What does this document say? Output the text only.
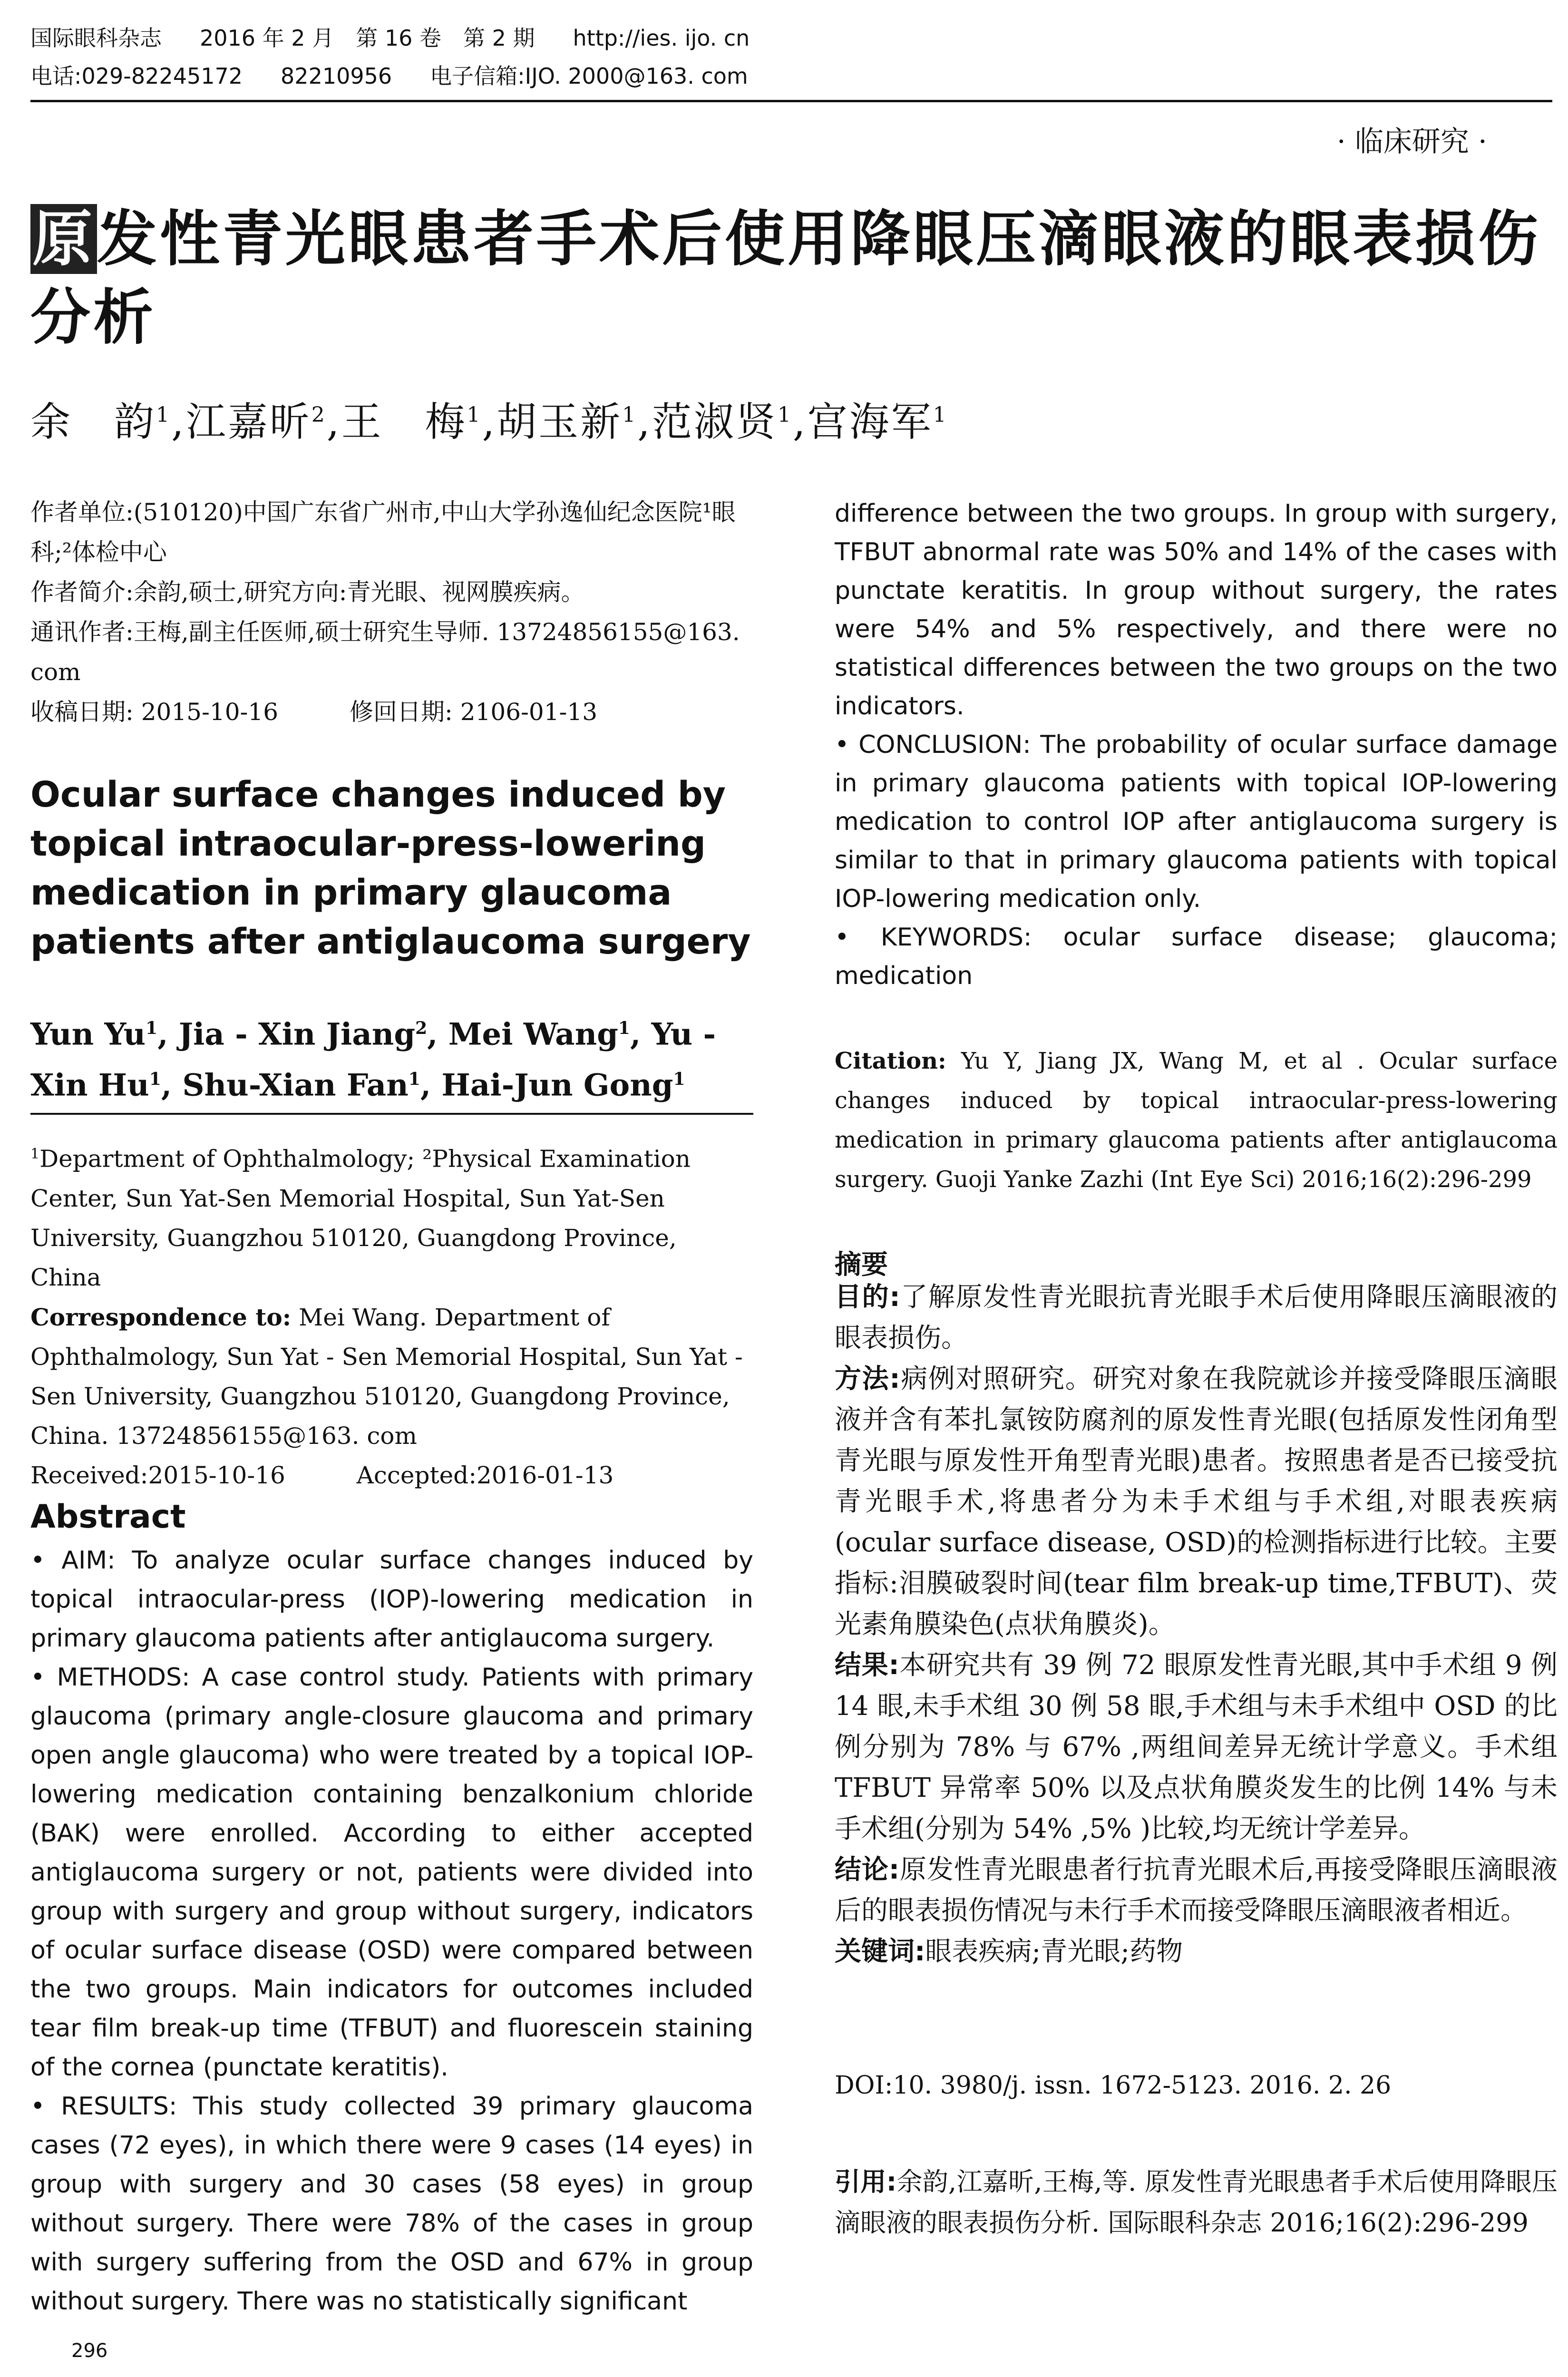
国际眼科杂志 2016 年 2 月　第 16 卷　第 2 期 http://ies. ijo. cn
电话:029-82245172 82210956 电子信箱:IJO. 2000@163. com
· 临床研究 ·
原发性青光眼患者手术后使用降眼压滴眼液的眼表损伤分析
余　韵$^1$,江嘉昕$^2$,王　梅$^1$,胡玉新$^1$,范淑贤$^1$,宫海军$^1$
作者单位:(510120)中国广东省广州市,中山大学孙逸仙纪念医院¹眼科;²体检中心
作者简介:余韵,硕士,研究方向:青光眼、视网膜疾病。
通讯作者:王梅,副主任医师,硕士研究生导师. 13724856155@163. com
收稿日期: 2015-10-16　　　修回日期: 2106-01-13
Ocular surface changes induced by topical intraocular-press-lowering medication in primary glaucoma patients after antiglaucoma surgery
Yun Yu$^1$, Jia - Xin Jiang$^2$, Mei Wang$^1$, Yu - Xin Hu$^1$, Shu-Xian Fan$^1$, Hai-Jun Gong$^1$
$^1$Department of Ophthalmology; ²Physical Examination Center, Sun Yat-Sen Memorial Hospital, Sun Yat-Sen University, Guangzhou 510120, Guangdong Province, China
Correspondence to: Mei Wang. Department of Ophthalmology, Sun Yat - Sen Memorial Hospital, Sun Yat - Sen University, Guangzhou 510120, Guangdong Province, China. 13724856155@163. com
Received:2015-10-16　　　Accepted:2016-01-13
Abstract

• AIM: To analyze ocular surface changes induced by topical intraocular-press (IOP)-lowering medication in primary glaucoma patients after antiglaucoma surgery.

• METHODS: A case control study. Patients with primary glaucoma (primary angle-closure glaucoma and primary open angle glaucoma) who were treated by a topical IOP-lowering medication containing benzalkonium chloride (BAK) were enrolled. According to either accepted antiglaucoma surgery or not, patients were divided into group with surgery and group without surgery, indicators of ocular surface disease (OSD) were compared between the two groups. Main indicators for outcomes included tear film break-up time (TFBUT) and fluorescein staining of the cornea (punctate keratitis).

• RESULTS: This study collected 39 primary glaucoma cases (72 eyes), in which there were 9 cases (14 eyes) in group with surgery and 30 cases (58 eyes) in group without surgery. There were 78% of the cases in group with surgery suffering from the OSD and 67% in group without surgery. There was no statistically significant

difference between the two groups. In group with surgery, TFBUT abnormal rate was 50% and 14% of the cases with punctate keratitis. In group without surgery, the rates were 54% and 5% respectively, and there were no statistical differences between the two groups on the two indicators.

• CONCLUSION: The probability of ocular surface damage in primary glaucoma patients with topical IOP-lowering medication to control IOP after antiglaucoma surgery is similar to that in primary glaucoma patients with topical IOP-lowering medication only.

• KEYWORDS: ocular surface disease; glaucoma; medication

Citation: Yu Y, Jiang JX, Wang M, et al . Ocular surface changes induced by topical intraocular-press-lowering medication in primary glaucoma patients after antiglaucoma surgery. Guoji Yanke Zazhi (Int Eye Sci) 2016;16(2):296-299
摘要

目的:了解原发性青光眼抗青光眼手术后使用降眼压滴眼液的眼表损伤。

方法:病例对照研究。研究对象在我院就诊并接受降眼压滴眼液并含有苯扎氯铵防腐剂的原发性青光眼(包括原发性闭角型青光眼与原发性开角型青光眼)患者。按照患者是否已接受抗青光眼手术,将患者分为未手术组与手术组,对眼表疾病(ocular surface disease, OSD)的检测指标进行比较。主要指标:泪膜破裂时间(tear film break-up time,TFBUT)、荧光素角膜染色(点状角膜炎)。

结果:本研究共有 39 例 72 眼原发性青光眼,其中手术组 9 例 14 眼,未手术组 30 例 58 眼,手术组与未手术组中 OSD 的比例分别为 78% 与 67% ,两组间差异无统计学意义。手术组 TFBUT 异常率 50% 以及点状角膜炎发生的比例 14% 与未手术组(分别为 54% ,5% )比较,均无统计学差异。

结论:原发性青光眼患者行抗青光眼术后,再接受降眼压滴眼液后的眼表损伤情况与未行手术而接受降眼压滴眼液者相近。

关键词:眼表疾病;青光眼;药物

DOI:10. 3980/j. issn. 1672-5123. 2016. 2. 26
引用:余韵,江嘉昕,王梅,等. 原发性青光眼患者手术后使用降眼压滴眼液的眼表损伤分析. 国际眼科杂志 2016;16(2):296-299
296
